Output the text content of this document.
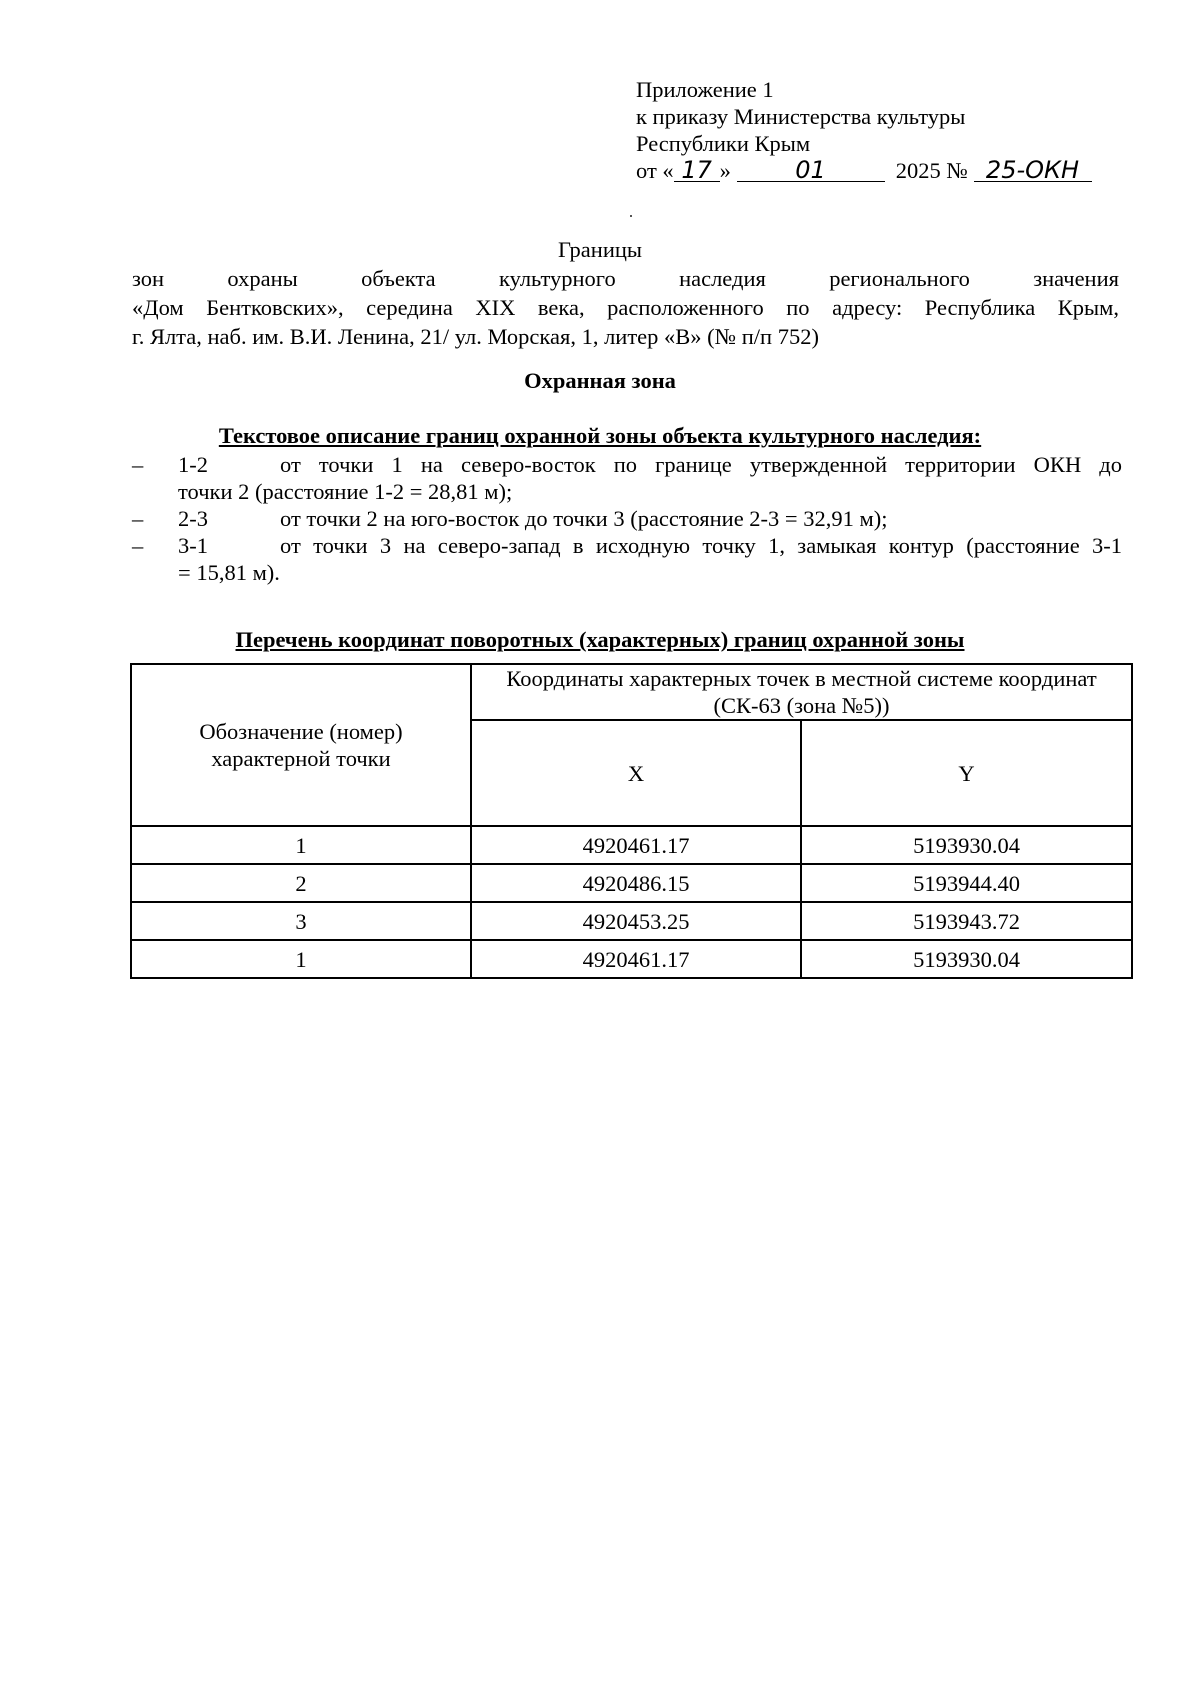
Приложение 1
к приказу Министерства культуры
Республики Крым
от « 17 »	01	2025 № 25-ОКН
Границы
зон охраны объекта культурного наследия регионального значения
«Дом Бентковских», середина XIX века, расположенного по адресу: Республика Крым,
г. Ялта, наб. им. В.И. Ленина, 21/ ул. Морская, 1, литер «В» (№ п/п 752)
Охранная зона
Текстовое описание границ охранной зоны объекта культурного наследия:
– 1-2	от точки 1 на северо-восток по границе утвержденной территории ОКН до
точки 2 (расстояние 1-2 = 28,81 м);
– 2-3	от точки 2 на юго-восток до точки 3 (расстояние 2-3 = 32,91 м);
– 3-1	от точки 3 на северо-запад в исходную точку 1, замыкая контур (расстояние 3-1
= 15,81 м).
Перечень координат поворотных (характерных) границ охранной зоны
Обозначение (номер) характерной точки	Координаты характерных точек в местной системе координат (СК-63 (зона №5))	
	X	Y
1	4920461.17	5193930.04
2	4920486.15	5193944.40
3	4920453.25	5193943.72
1	4920461.17	5193930.04
